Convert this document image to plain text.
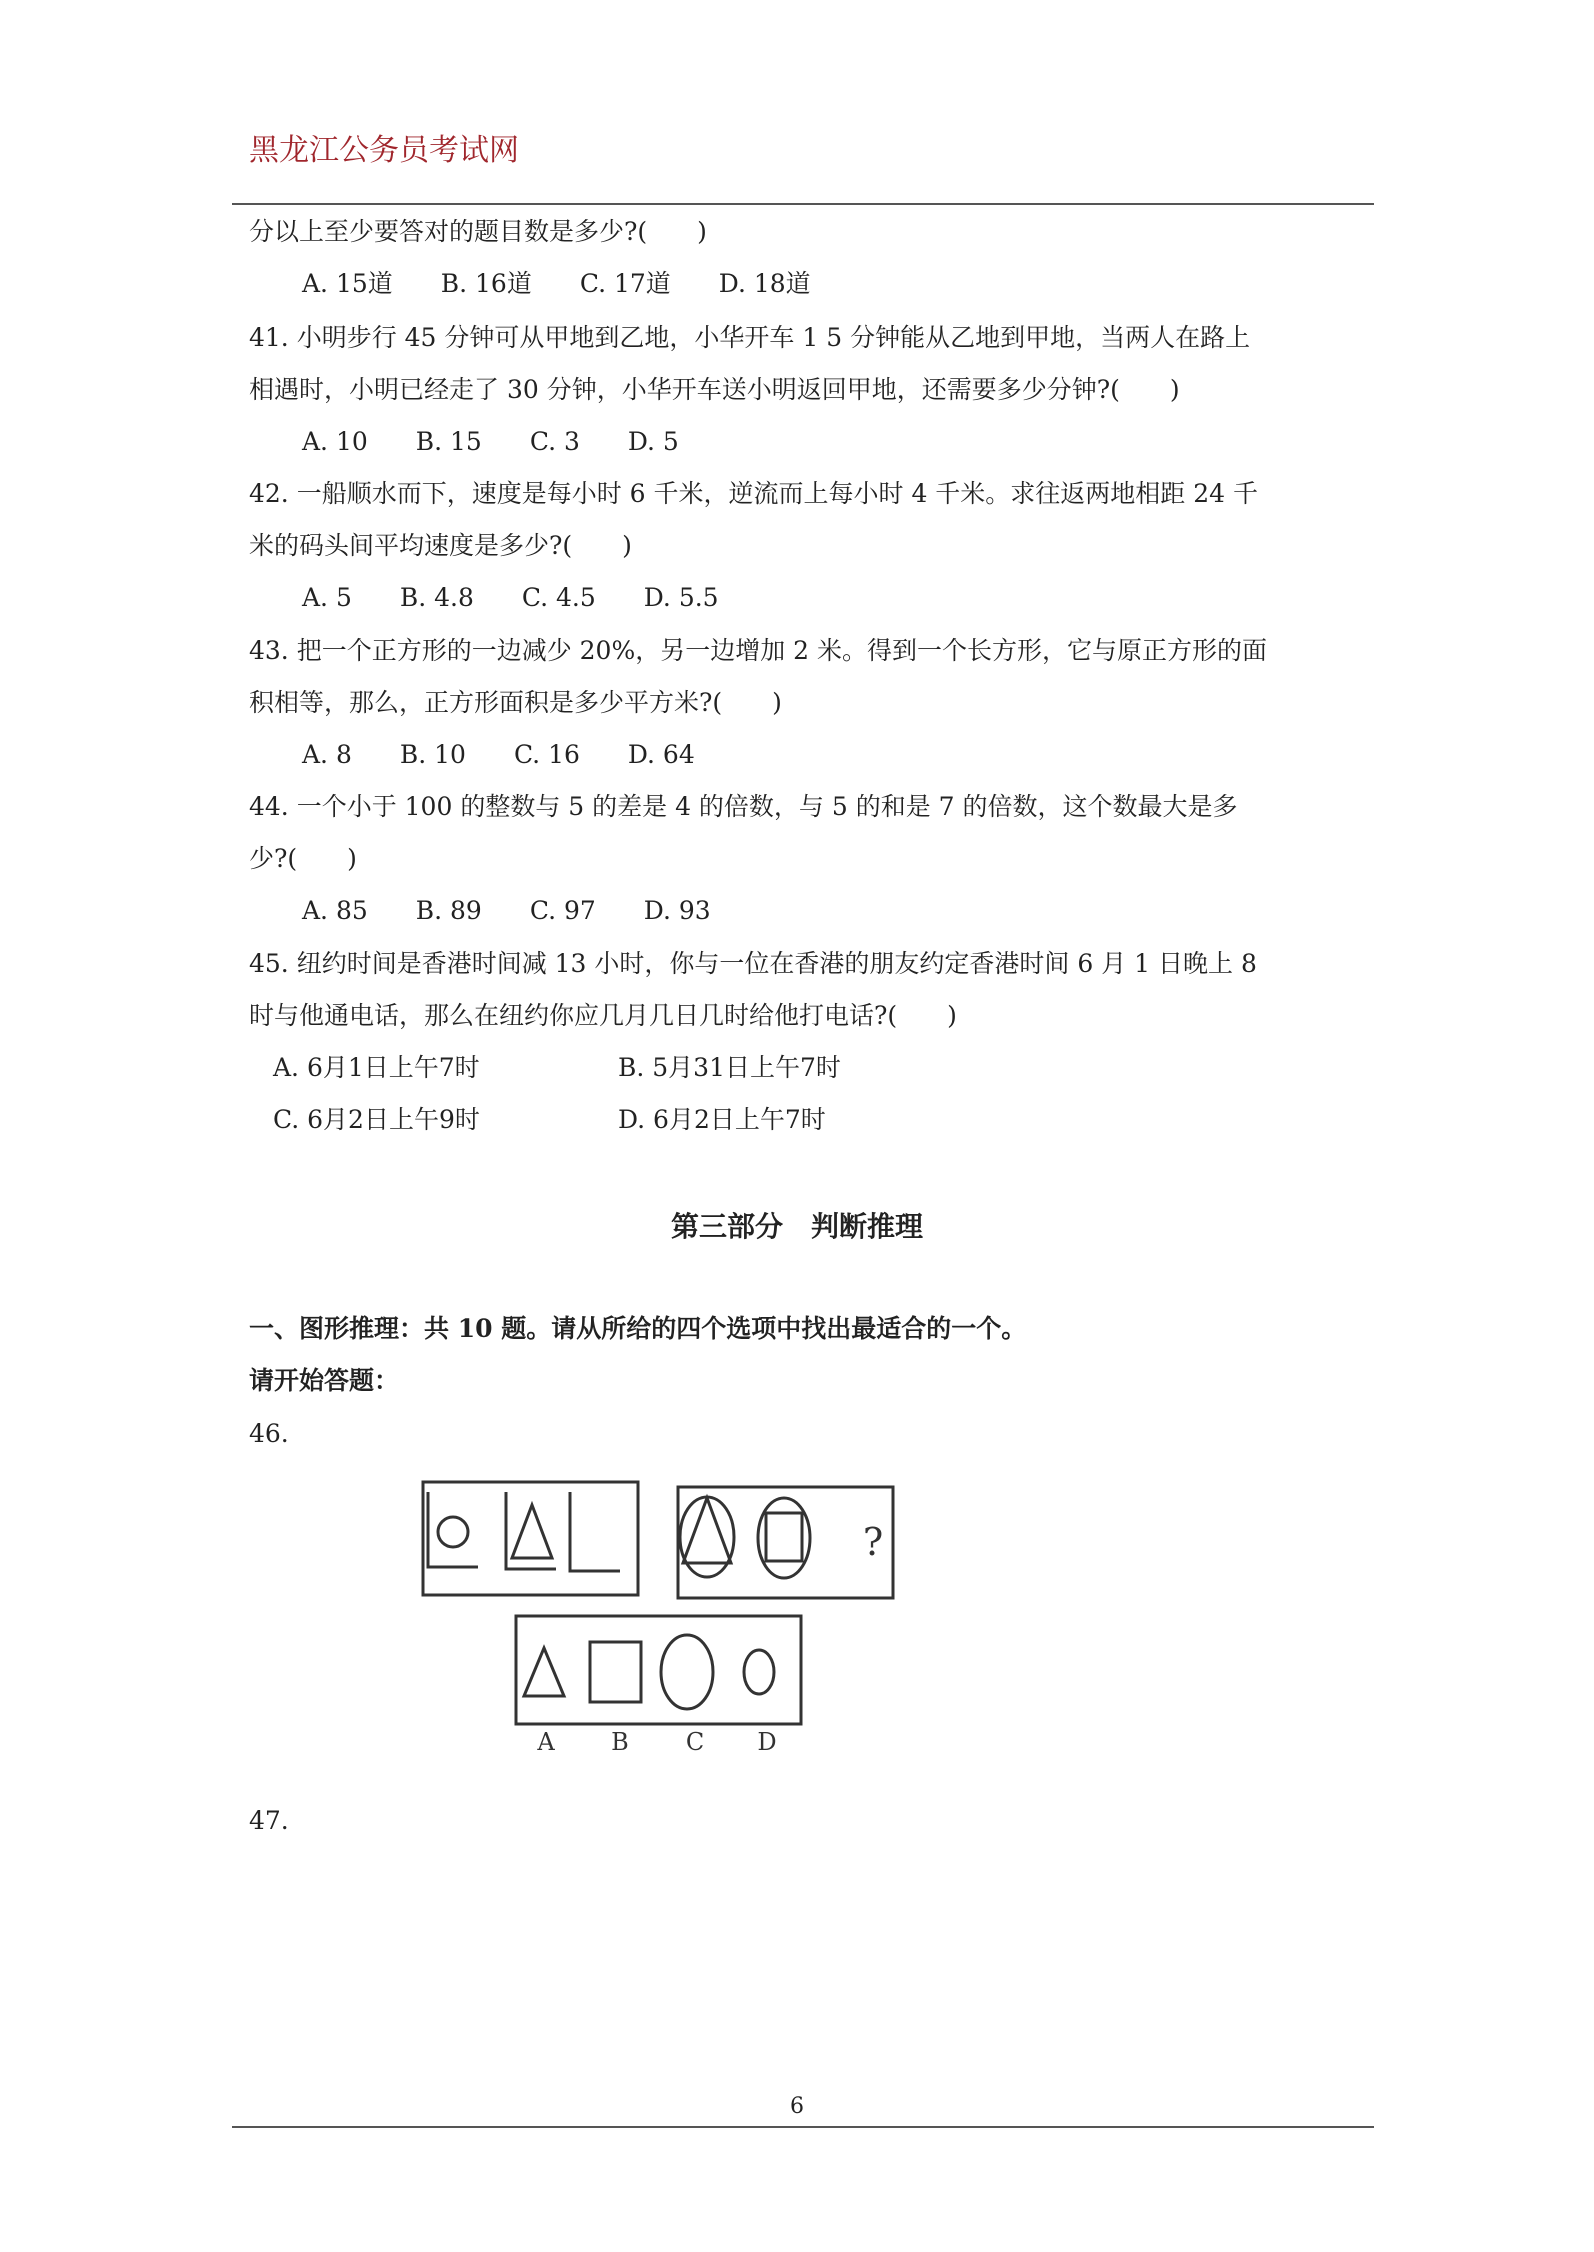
黑龙江公务员考试网
分以上至少要答对的题目数是多少?(　　)
A. 15道 B. 16道 C. 17道 D. 18道
41. 小明步行 45 分钟可从甲地到乙地，小华开车 1 5 分钟能从乙地到甲地，当两人在路上
相遇时，小明已经走了 30 分钟，小华开车送小明返回甲地，还需要多少分钟?(　　)
A. 10 B. 15 C. 3 D. 5
42. 一船顺水而下，速度是每小时 6 千米，逆流而上每小时 4 千米。求往返两地相距 24 千
米的码头间平均速度是多少?(　　)
A. 5 B. 4.8 C. 4.5 D. 5.5
43. 把一个正方形的一边减少 20%，另一边增加 2 米。得到一个长方形，它与原正方形的面
积相等，那么，正方形面积是多少平方米?(　　)
A. 8 B. 10 C. 16 D. 64
44. 一个小于 100 的整数与 5 的差是 4 的倍数，与 5 的和是 7 的倍数，这个数最大是多
少?(　　)
A. 85 B. 89 C. 97 D. 93
45. 纽约时间是香港时间减 13 小时，你与一位在香港的朋友约定香港时间 6 月 1 日晚上 8
时与他通电话，那么在纽约你应几月几日几时给他打电话?(　　)
A. 6月1日上午7时	B. 5月31日上午7时
C. 6月2日上午9时	D. 6月2日上午7时
第三部分　判断推理
一、图形推理：共 10 题。请从所给的四个选项中找出最适合的一个。
请开始答题：
46.
?
A B C D
47.
6
